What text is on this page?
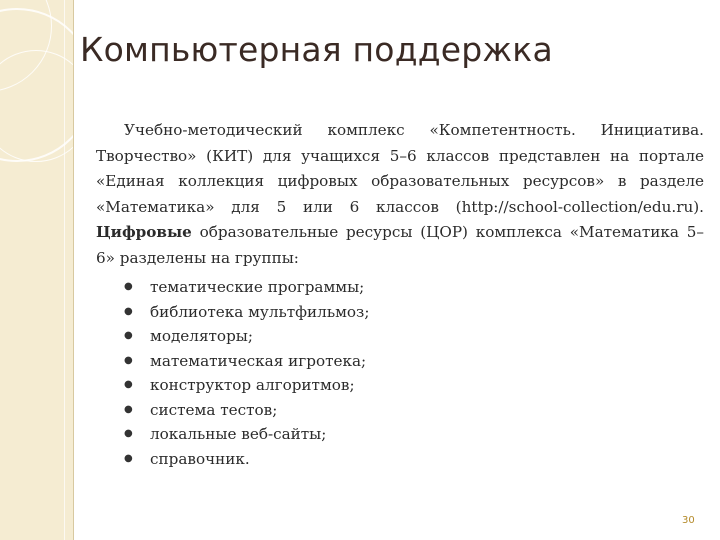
Компьютерная поддержка

Учебно-методический комплекс «Компетентность. Инициатива. Творчество» (КИТ) для учащихся 5–6 классов представлен на портале «Единая коллекция цифровых образовательных ресурсов» в разделе «Математика» для 5 или 6 классов (http://school-collection/edu.ru). Цифровые образовательные ресурсы (ЦОР) комплекса «Математика 5–6» разделены на группы:

● тематические программы;
● библиотека мультфильмоз;
● моделяторы;
● математическая игротека;
● конструктор алгоритмов;
● система тестов;
● локальные веб-сайты;
● справочник.
30
